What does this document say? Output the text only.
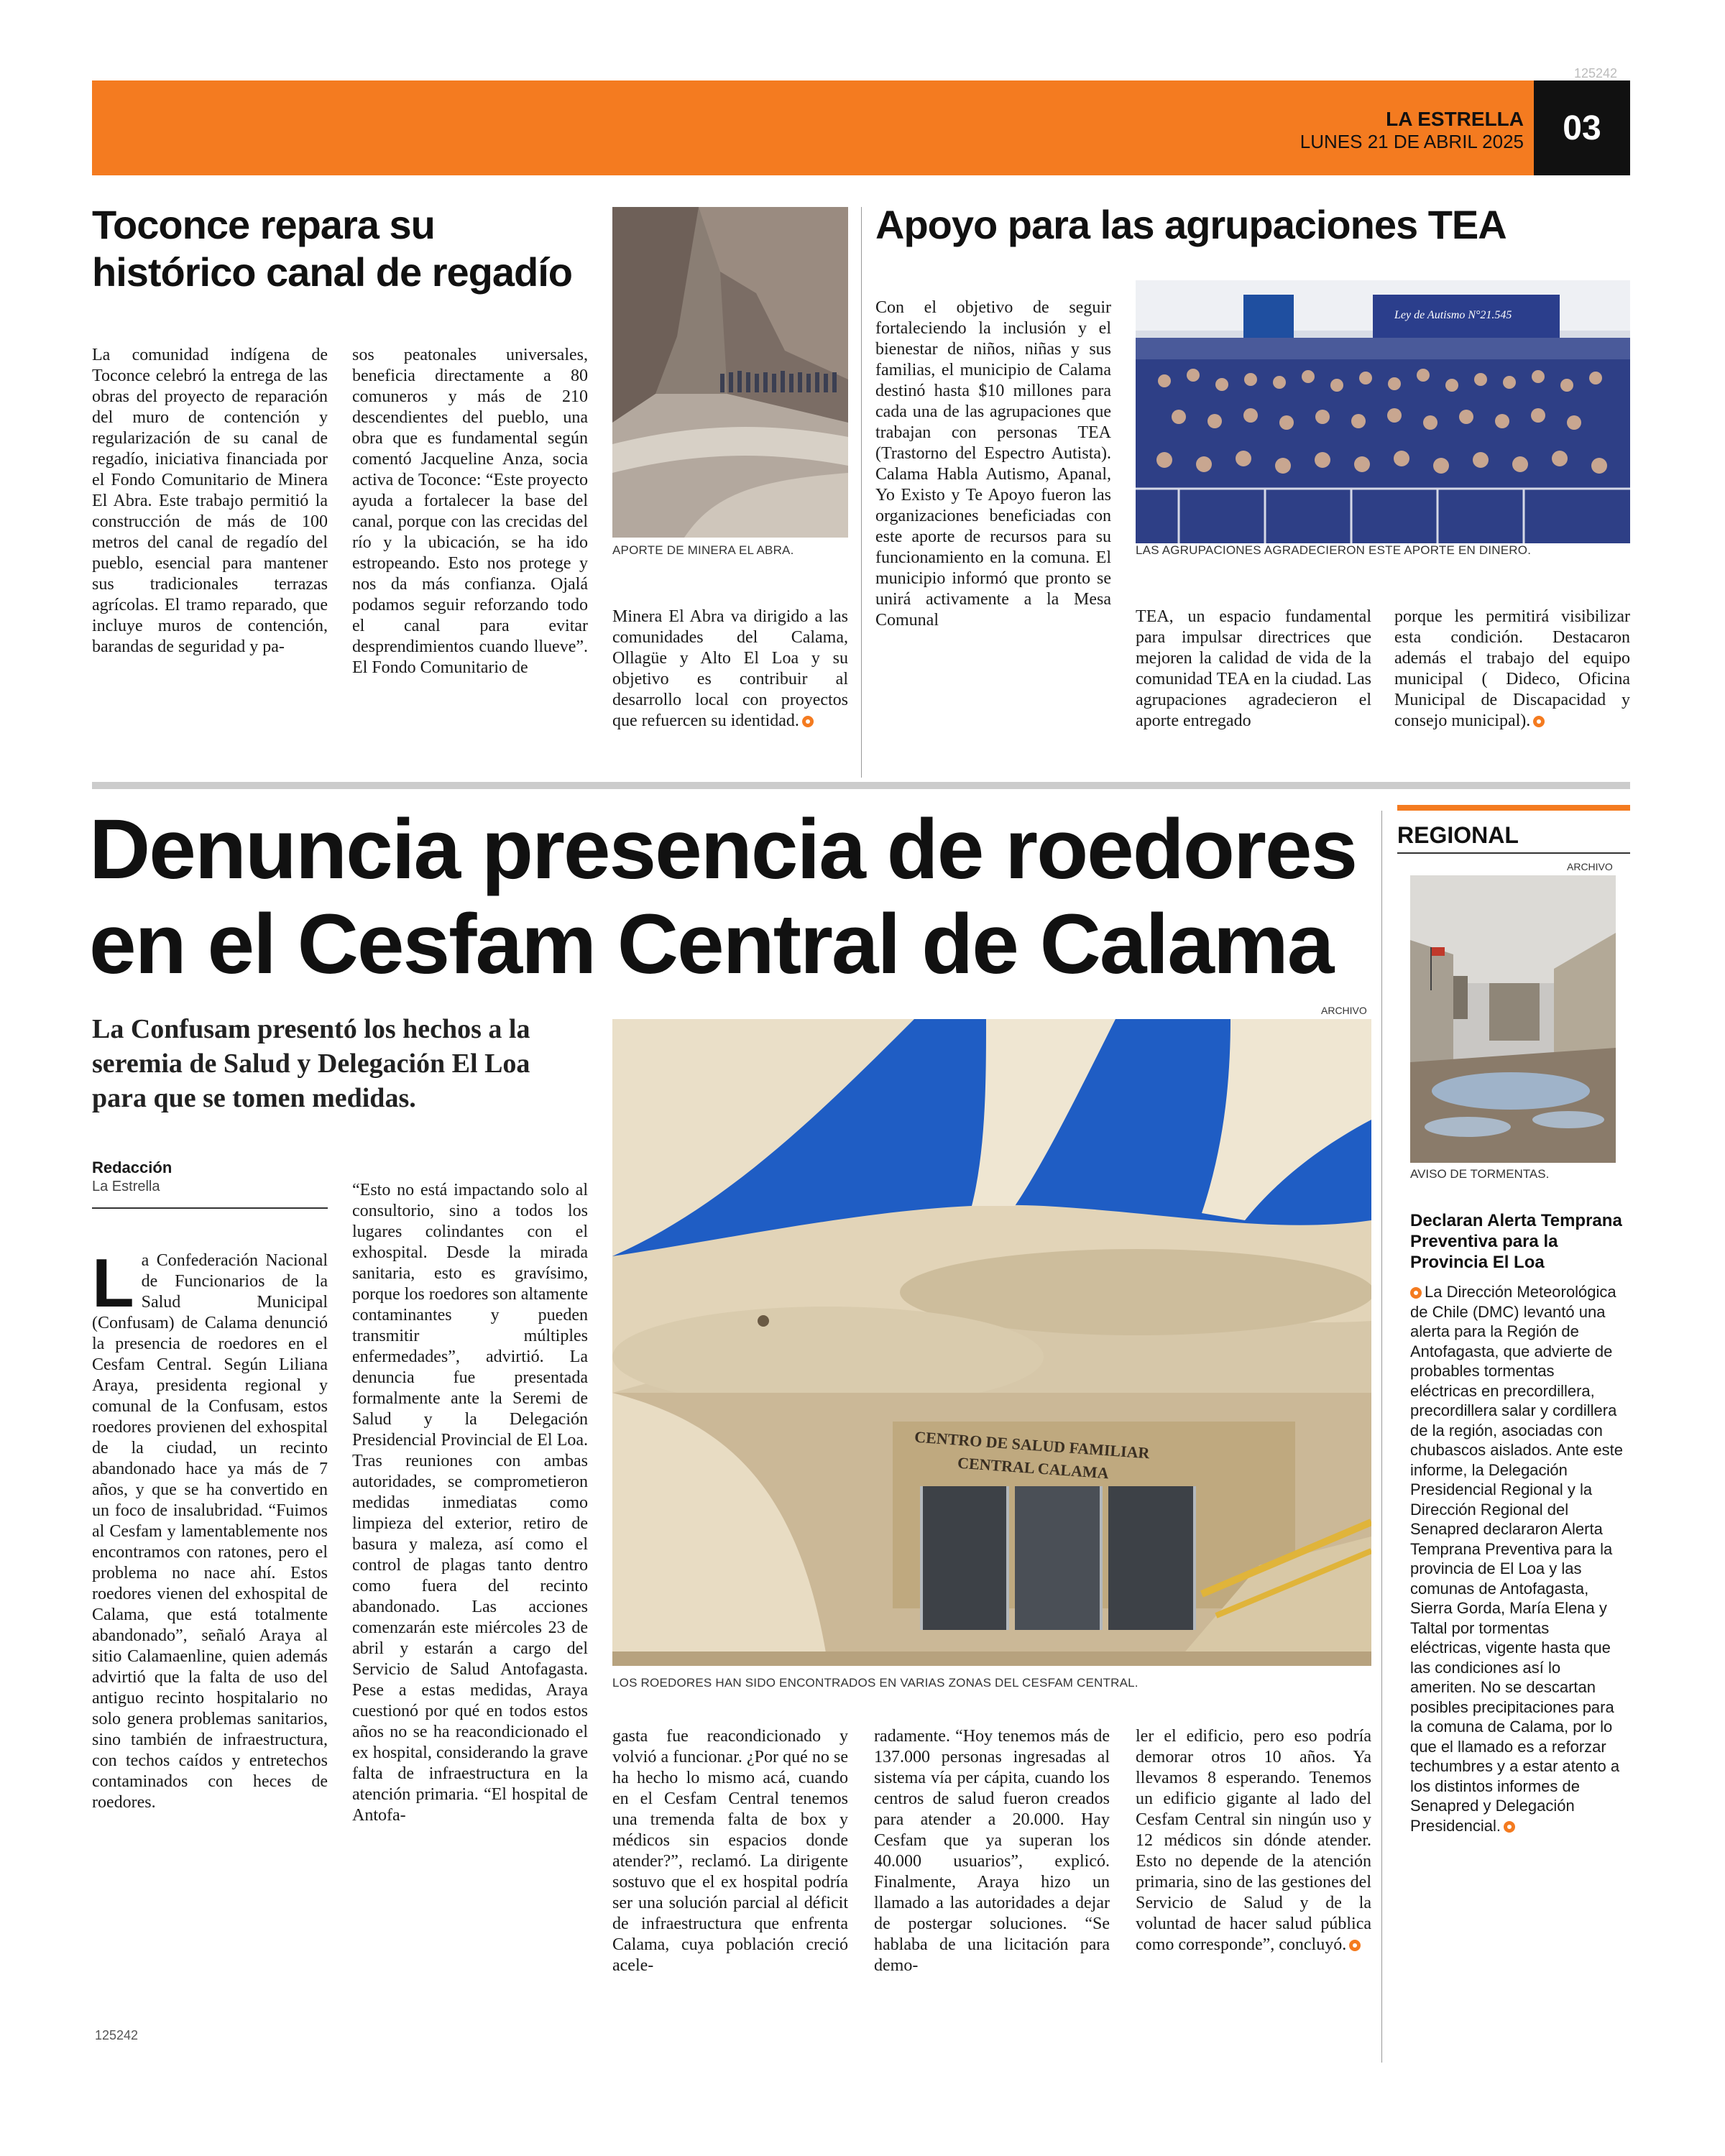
125242
LA ESTRELLA
LUNES 21 DE ABRIL 2025 03
Toconce repara su histórico canal de regadío
La comunidad indígena de Toconce celebró la entrega de las obras del proyecto de reparación del muro de contención y regularización de su canal de regadío, iniciativa financiada por el Fondo Comunitario de Minera El Abra. Este trabajo permitió la construcción de más de 100 metros del canal de regadío del pueblo, esencial para mantener sus tradicionales terrazas agrícolas. El tramo reparado, que incluye muros de contención, barandas de seguridad y pa-
sos peatonales universales, beneficia directamente a 80 comuneros y más de 210 descendientes del pueblo, una obra que es fundamental según comentó Jacqueline Anza, socia activa de Toconce: “Este proyecto ayuda a fortalecer la base del canal, porque con las crecidas del río y la ubicación, se ha ido estropeando. Esto nos protege y nos da más confianza. Ojalá podamos seguir reforzando todo el canal para evitar desprendimientos cuando llueve”. El Fondo Comunitario de
APORTE DE MINERA EL ABRA.
Minera El Abra va dirigido a las comunidades del Calama, Ollagüe y Alto El Loa y su objetivo es contribuir al desarrollo local con proyectos que refuercen su identidad.
Apoyo para las agrupaciones TEA
Con el objetivo de seguir fortaleciendo la inclusión y el bienestar de niños, niñas y sus familias, el municipio de Calama destinó hasta $10 millones para cada una de las agrupaciones que trabajan con personas TEA (Trastorno del Espectro Autista). Calama Habla Autismo, Apanal, Yo Existo y Te Apoyo fueron las organizaciones beneficiadas con este aporte de recursos para su funcionamiento en la comuna. El municipio informó que pronto se unirá activamente a la Mesa Comunal
Ley de Autismo N°21.545
LAS AGRUPACIONES AGRADECIERON ESTE APORTE EN DINERO.
TEA, un espacio fundamental para impulsar directrices que mejoren la calidad de vida de la comunidad TEA en la ciudad. Las agrupaciones agradecieron el aporte entregado
porque les permitirá visibilizar esta condición. Destacaron además el trabajo del equipo municipal ( Dideco, Oficina Municipal de Discapacidad y consejo municipal).
Denuncia presencia de roedores
en el Cesfam Central de Calama
La Confusam presentó los hechos a la seremia de Salud y Delegación El Loa para que se tomen medidas.
Redacción
La Estrella
La Confederación Nacional de Funcionarios de la Salud Municipal (Confusam) de Calama denunció la presencia de roedores en el Cesfam Central. Según Liliana Araya, presidenta regional y comunal de la Confusam, estos roedores provienen del exhospital de la ciudad, un recinto abandonado hace ya más de 7 años, y que se ha convertido en un foco de insalubridad. “Fuimos al Cesfam y lamentablemente nos encontramos con ratones, pero el problema no nace ahí. Estos roedores vienen del exhospital de Calama, que está totalmente abandonado”, señaló Araya al sitio Calamaenline, quien además advirtió que la falta de uso del antiguo recinto hospitalario no solo genera problemas sanitarios, sino también de infraestructura, con techos caídos y entretechos contaminados con heces de roedores.
“Esto no está impactando solo al consultorio, sino a todos los lugares colindantes con el exhospital. Desde la mirada sanitaria, esto es gravísimo, porque los roedores son altamente contaminantes y pueden transmitir múltiples enfermedades”, advirtió. La denuncia fue presentada formalmente ante la Seremi de Salud y la Delegación Presidencial Provincial de El Loa. Tras reuniones con ambas autoridades, se comprometieron medidas inmediatas como limpieza del exterior, retiro de basura y maleza, así como el control de plagas tanto dentro como fuera del recinto abandonado. Las acciones comenzarán este miércoles 23 de abril y estarán a cargo del Servicio de Salud Antofagasta. Pese a estas medidas, Araya cuestionó por qué en todos estos años no se ha reacondicionado el ex hospital, considerando la grave falta de infraestructura en la atención primaria. “El hospital de Antofa-
ARCHIVO
CENTRO DE SALUD FAMILIAR
CENTRAL CALAMA
LOS ROEDORES HAN SIDO ENCONTRADOS EN VARIAS ZONAS DEL CESFAM CENTRAL.
gasta fue reacondicionado y volvió a funcionar. ¿Por qué no se ha hecho lo mismo acá, cuando en el Cesfam Central tenemos una tremenda falta de box y médicos sin espacios donde atender?”, reclamó. La dirigente sostuvo que el ex hospital podría ser una solución parcial al déficit de infraestructura que enfrenta Calama, cuya población creció acele-
radamente. “Hoy tenemos más de 137.000 personas ingresadas al sistema vía per cápita, cuando los centros de salud fueron creados para atender a 20.000. Hay Cesfam que ya superan los 40.000 usuarios”, explicó. Finalmente, Araya hizo un llamado a las autoridades a dejar de postergar soluciones. “Se hablaba de una licitación para demo-
ler el edificio, pero eso podría demorar otros 10 años. Ya llevamos 8 esperando. Tenemos un edificio gigante al lado del Cesfam Central sin ningún uso y 12 médicos sin dónde atender. Esto no depende de la atención primaria, sino de las gestiones del Servicio de Salud y de la voluntad de hacer salud pública como corresponde”, concluyó.
REGIONAL
ARCHIVO
AVISO DE TORMENTAS.
Declaran Alerta Temprana Preventiva para la Provincia El Loa
La Dirección Meteorológica de Chile (DMC) levantó una alerta para la Región de Antofagasta, que advierte de probables tormentas eléctricas en precordillera, precordillera salar y cordillera de la región, asociadas con chubascos aislados. Ante este informe, la Delegación Presidencial Regional y la Dirección Regional del Senapred declararon Alerta Temprana Preventiva para la provincia de El Loa y las comunas de Antofagasta, Sierra Gorda, María Elena y Taltal por tormentas eléctricas, vigente hasta que las condiciones así lo ameriten. No se descartan posibles precipitaciones para la comuna de Calama, por lo que el llamado es a reforzar techumbres y a estar atento a los distintos informes de Senapred y Delegación Presidencial.
125242
